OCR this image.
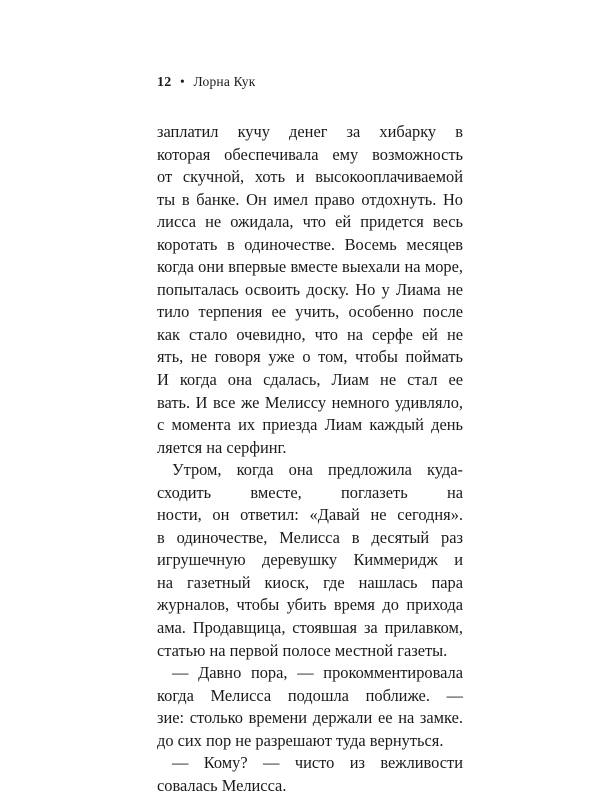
12 • Лорна Кук
заплатил кучу денег за хибарку в
которая обеспечивала ему возможность
от скучной, хоть и высокооплачиваемой
ты в банке. Он имел право отдохнуть. Но
лисса не ожидала, что ей придется весь
коротать в одиночестве. Восемь месяцев
когда они впервые вместе выехали на море,
попыталась освоить доску. Но у Лиама не
тило терпения ее учить, особенно после
как стало очевидно, что на серфе ей не
ять, не говоря уже о том, чтобы поймать
И когда она сдалась, Лиам не стал ее
вать. И все же Мелиссу немного удивляло,
с момента их приезда Лиам каждый день
ляется на серфинг.
Утром, когда она предложила куда-
сходить вместе, поглазеть на
ности, он ответил: «Давай не сегодня».
в одиночестве, Мелисса в десятый раз
игрушечную деревушку Киммеридж и
на газетный киоск, где нашлась пара
журналов, чтобы убить время до прихода
ама. Продавщица, стоявшая за прилавком,
статью на первой полосе местной газеты.
— Давно пора, — прокомментировала
когда Мелисса подошла поближе. —
зие: столько времени держали ее на замке.
до сих пор не разрешают туда вернуться.
— Кому? — чисто из вежливости
совалась Мелисса.
